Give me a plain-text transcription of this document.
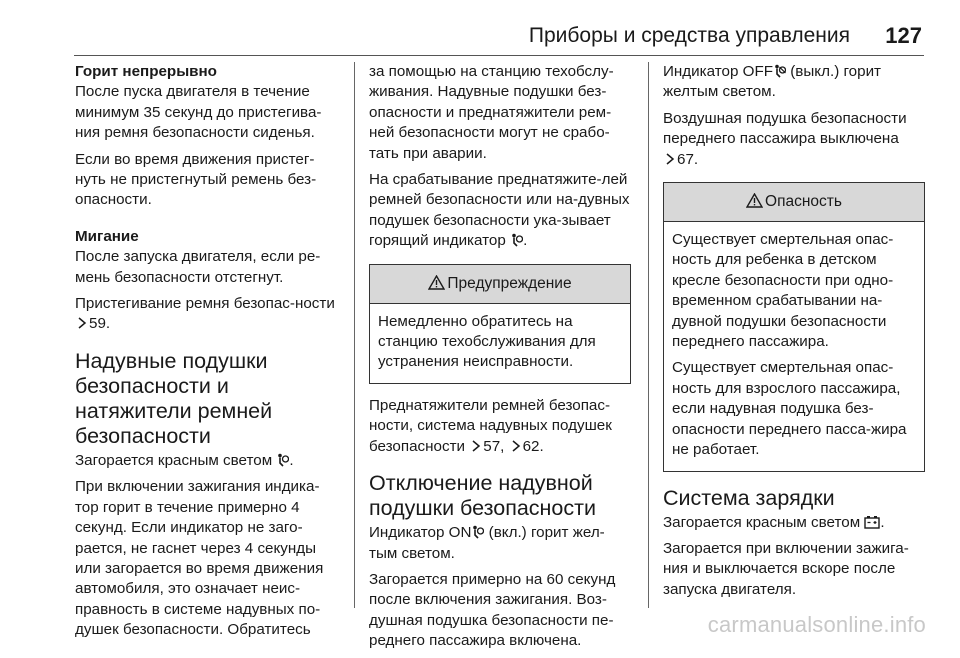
Приборы и средства управления 127

Горит непрерывно

После пуска двигателя в течение минимум 35 секунд до пристегива-ния ремня безопасности сиденья.

Если во время движения пристег-нуть не пристегнутый ремень без-опасности.

Мигание

После запуска двигателя, если ре-мень безопасности отстегнут.

Пристегивание ремня безопас-ности 59.

Надувные подушки безопасности и натяжители ремней безопасности

Загорается красным светом .

При включении зажигания индика-тор горит в течение примерно 4 секунд. Если индикатор не заго-рается, не гаснет через 4 секунды или загорается во время движения автомобиля, это означает неис-правность в системе надувных по-душек безопасности. Обратитесь

за помощью на станцию техобслу-живания. Надувные подушки без-опасности и преднатяжители рем-ней безопасности могут не срабо-тать при аварии.

На срабатывание преднатяжите-лей ремней безопасности или на-дувных подушек безопасности ука-зывает горящий индикатор .

Предупреждение

Немедленно обратитесь на станцию техобслуживания для устранения неисправности.

Преднатяжители ремней безопас-ности, система надувных подушек безопасности 57, 62.

Отключение надувной подушки безопасности

Индикатор ON (вкл.) горит жел-тым светом.

Загорается примерно на 60 секунд после включения зажигания. Воз-душная подушка безопасности пе-реднего пассажира включена.

Индикатор OFF (выкл.) горит желтым светом.

Воздушная подушка безопасности переднего пассажира выключена
67.

Опасность

Существует смертельная опас-ность для ребенка в детском кресле безопасности при одно-временном срабатывании на-дувной подушки безопасности переднего пассажира.

Существует смертельная опас-ность для взрослого пассажира, если надувная подушка без-опасности переднего пасса-жира не работает.

Система зарядки

Загорается красным светом .

Загорается при включении зажига-ния и выключается вскоре после запуска двигателя.

carmanualsonline.info
